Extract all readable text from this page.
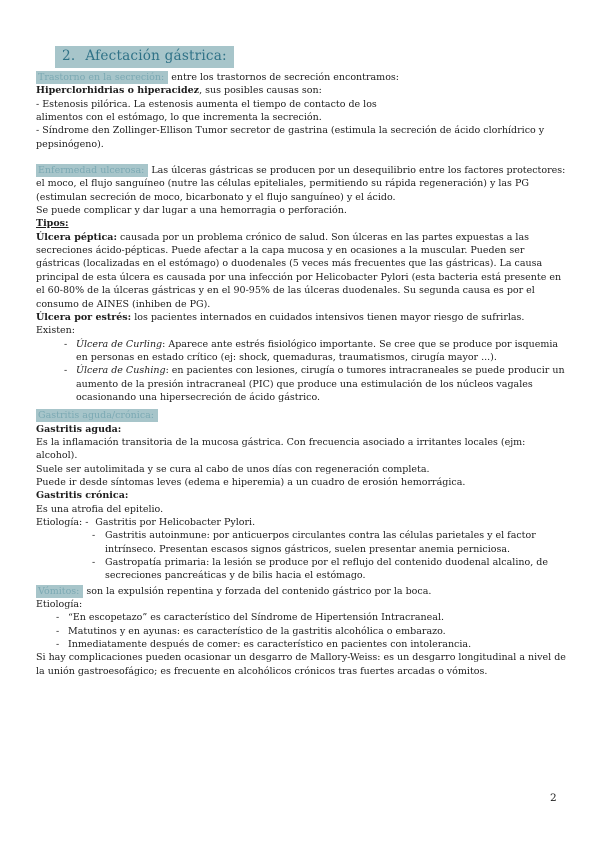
2. Afectación gástrica:

Trastorno en la secreción: entre los trastornos de secreción encontramos:

Hiperclorhidrias o hiperacidez, sus posibles causas son:

- Estenosis pilórica. La estenosis aumenta el tiempo de contacto de los

alimentos con el estómago, lo que incrementa la secreción.

- Síndrome den Zollinger-Ellison Tumor secretor de gastrina (estimula la secreción de ácido clorhídrico y pepsinógeno).

Enfermedad ulcerosa: Las úlceras gástricas se producen por un desequilibrio entre los factores protectores: el moco, el flujo sanguíneo (nutre las células epiteliales, permitiendo su rápida regeneración) y las PG (estimulan secreción de moco, bicarbonato y el flujo sanguíneo) y el ácido.

Se puede complicar y dar lugar a una hemorragia o perforación.

Tipos:

Úlcera péptica: causada por un problema crónico de salud. Son úlceras en las partes expuestas a las secreciones ácido-pépticas. Puede afectar a la capa mucosa y en ocasiones a la muscular. Pueden ser gástricas (localizadas en el estómago) o duodenales (5 veces más frecuentes que las gástricas). La causa principal de esta úlcera es causada por una infección por Helicobacter Pylori (esta bacteria está presente en el 60-80% de la úlceras gástricas y en el 90-95% de las úlceras duodenales. Su segunda causa es por el consumo de AINES (inhiben de PG).

Úlcera por estrés: los pacientes internados en cuidados intensivos tienen mayor riesgo de sufrirlas.

Existen:

- Úlcera de Curling: Aparece ante estrés fisiológico importante. Se cree que se produce por isquemia en personas en estado crítico (ej: shock, quemaduras, traumatismos, cirugía mayor ...).
- Úlcera de Cushing: en pacientes con lesiones, cirugía o tumores intracraneales se puede producir un aumento de la presión intracraneal (PIC) que produce una estimulación de los núcleos vagales ocasionando una hipersecreción de ácido gástrico.
Gastritis aguda/crónica:

Gastritis aguda:

Es la inflamación transitoria de la mucosa gástrica. Con frecuencia asociado a irritantes locales (ejm: alcohol).

Suele ser autolimitada y se cura al cabo de unos días con regeneración completa.

Puede ir desde síntomas leves (edema e hiperemia) a un cuadro de erosión hemorrágica.

Gastritis crónica:

Es una atrofia del epitelio.

Etiología: - Gastritis por Helicobacter Pylori.
-	Gastritis autoinmune: por anticuerpos circulantes contra las células parietales y el factor intrínseco. Presentan escasos signos gástricos, suelen presentar anemia perniciosa.
-	Gastropatía primaria: la lesión se produce por el reflujo del contenido duodenal alcalino, de secreciones pancreáticas y de bilis hacia el estómago.

Vómitos: son la expulsión repentina y forzada del contenido gástrico por la boca.

Etiología:

- “En escopetazo” es característico del Síndrome de Hipertensión Intracraneal.
- Matutinos y en ayunas: es característico de la gastritis alcohólica o embarazo.
- Inmediatamente después de comer: es característico en pacientes con intolerancia.

Si hay complicaciones pueden ocasionar un desgarro de Mallory-Weiss: es un desgarro longitudinal a nivel de la unión gastroesofágico; es frecuente en alcohólicos crónicos tras fuertes arcadas o vómitos.

2
